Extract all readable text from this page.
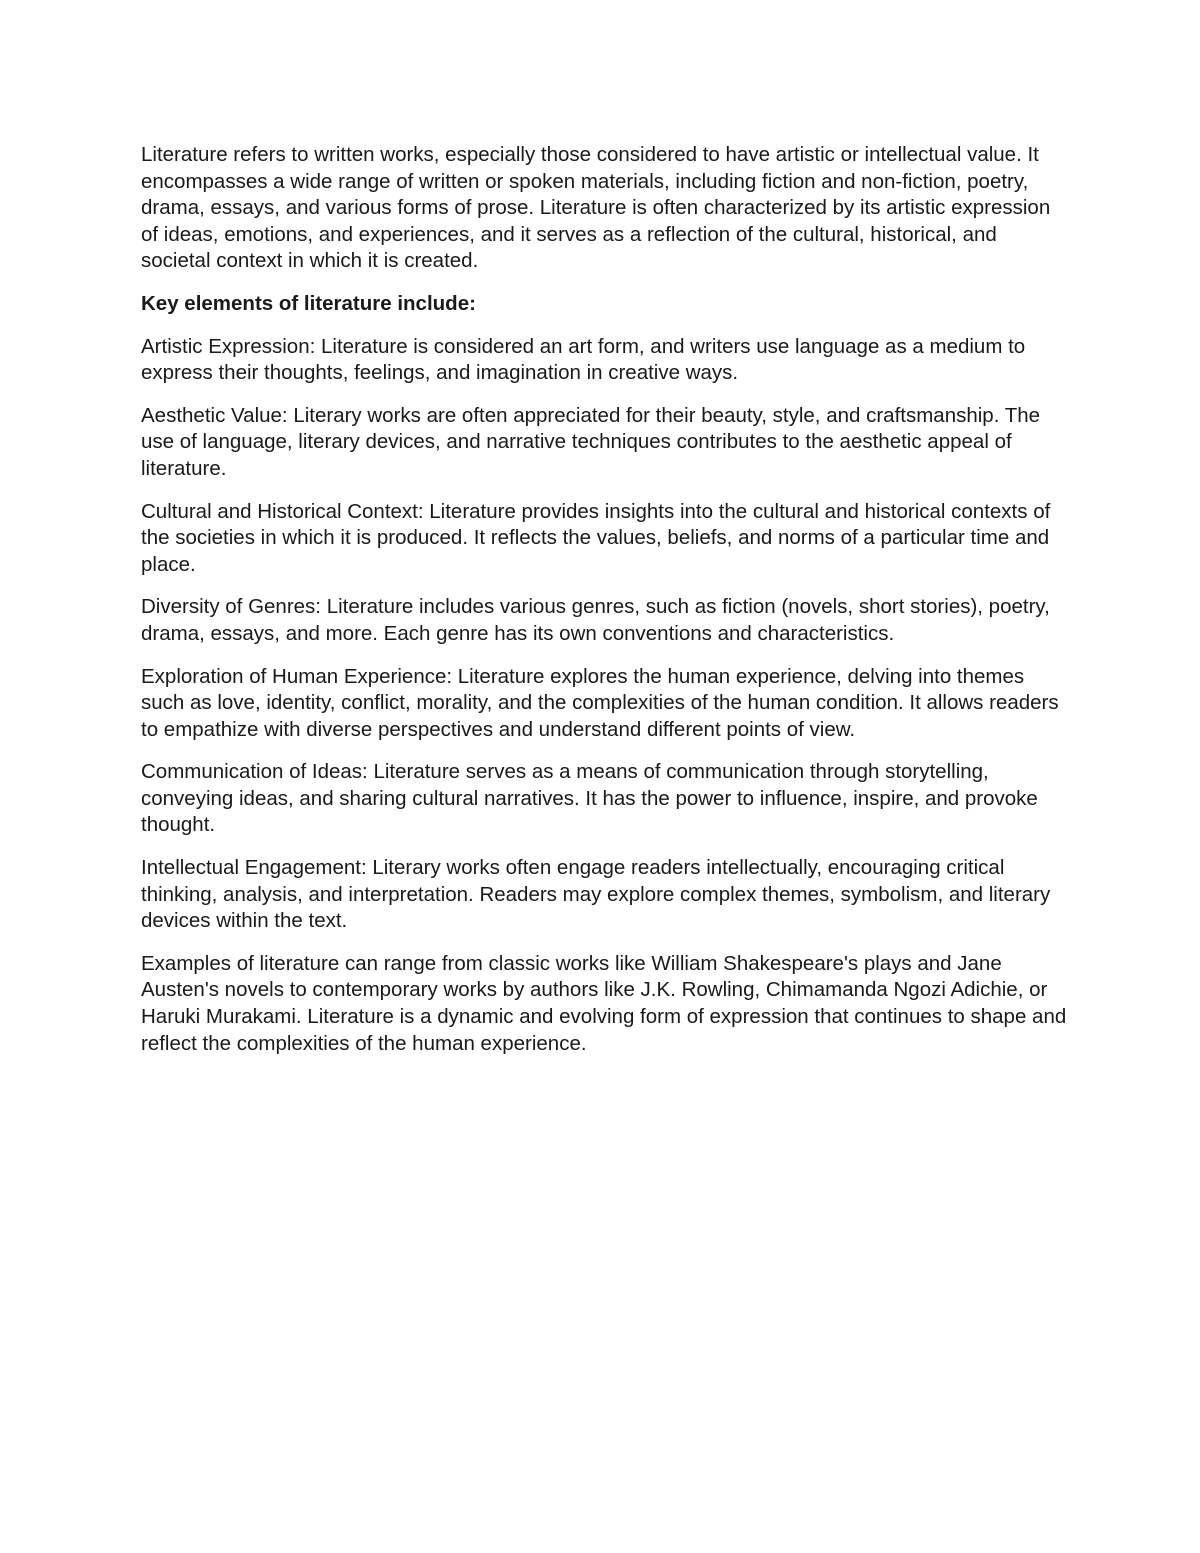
Literature refers to written works, especially those considered to have artistic or intellectual value. It encompasses a wide range of written or spoken materials, including fiction and non-fiction, poetry, drama, essays, and various forms of prose. Literature is often characterized by its artistic expression of ideas, emotions, and experiences, and it serves as a reflection of the cultural, historical, and societal context in which it is created.

Key elements of literature include:

Artistic Expression: Literature is considered an art form, and writers use language as a medium to express their thoughts, feelings, and imagination in creative ways.

Aesthetic Value: Literary works are often appreciated for their beauty, style, and craftsmanship. The use of language, literary devices, and narrative techniques contributes to the aesthetic appeal of literature.

Cultural and Historical Context: Literature provides insights into the cultural and historical contexts of the societies in which it is produced. It reflects the values, beliefs, and norms of a particular time and place.

Diversity of Genres: Literature includes various genres, such as fiction (novels, short stories), poetry, drama, essays, and more. Each genre has its own conventions and characteristics.

Exploration of Human Experience: Literature explores the human experience, delving into themes such as love, identity, conflict, morality, and the complexities of the human condition. It allows readers to empathize with diverse perspectives and understand different points of view.

Communication of Ideas: Literature serves as a means of communication through storytelling, conveying ideas, and sharing cultural narratives. It has the power to influence, inspire, and provoke thought.

Intellectual Engagement: Literary works often engage readers intellectually, encouraging critical thinking, analysis, and interpretation. Readers may explore complex themes, symbolism, and literary devices within the text.

Examples of literature can range from classic works like William Shakespeare's plays and Jane Austen's novels to contemporary works by authors like J.K. Rowling, Chimamanda Ngozi Adichie, or Haruki Murakami. Literature is a dynamic and evolving form of expression that continues to shape and reflect the complexities of the human experience.
